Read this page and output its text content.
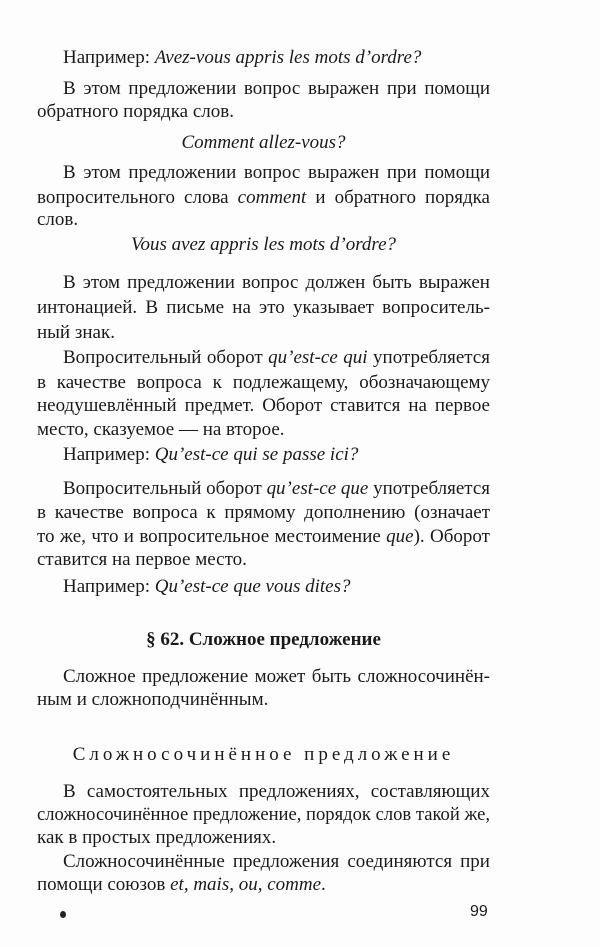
99
Например: Avez-vous appris les mots d’ordre?
В этом предложении вопрос выражен при помощи
обратного порядка слов.
Comment allez-vous?
В этом предложении вопрос выражен при помощи
вопросительного слова comment и обратного порядка
слов.
Vous avez appris les mots d’ordre?
В этом предложении вопрос должен быть выражен
интонацией. В письме на это указывает вопроситель-
ный знак.
Вопросительный оборот qu’est-ce qui употребляется
в качестве вопроса к подлежащему, обозначающему
неодушевлённый предмет. Оборот ставится на первое
место, сказуемое — на второе.
Например: Qu’est-ce qui se passe ici?
Вопросительный оборот qu’est-ce que употребляется
в качестве вопроса к прямому дополнению (означает
то же, что и вопросительное местоимение que). Оборот
ставится на первое место.
Например: Qu’est-ce que vous dites?
§ 62. Сложное предложение
Сложное предложение может быть сложносочинён-
ным и сложноподчинённым.
Сложносочинённое предложение
В самостоятельных предложениях, составляющих
сложносочинённое предложение, порядок слов такой же,
как в простых предложениях.
Сложносочинённые предложения соединяются при
помощи союзов et, mais, ou, comme.
